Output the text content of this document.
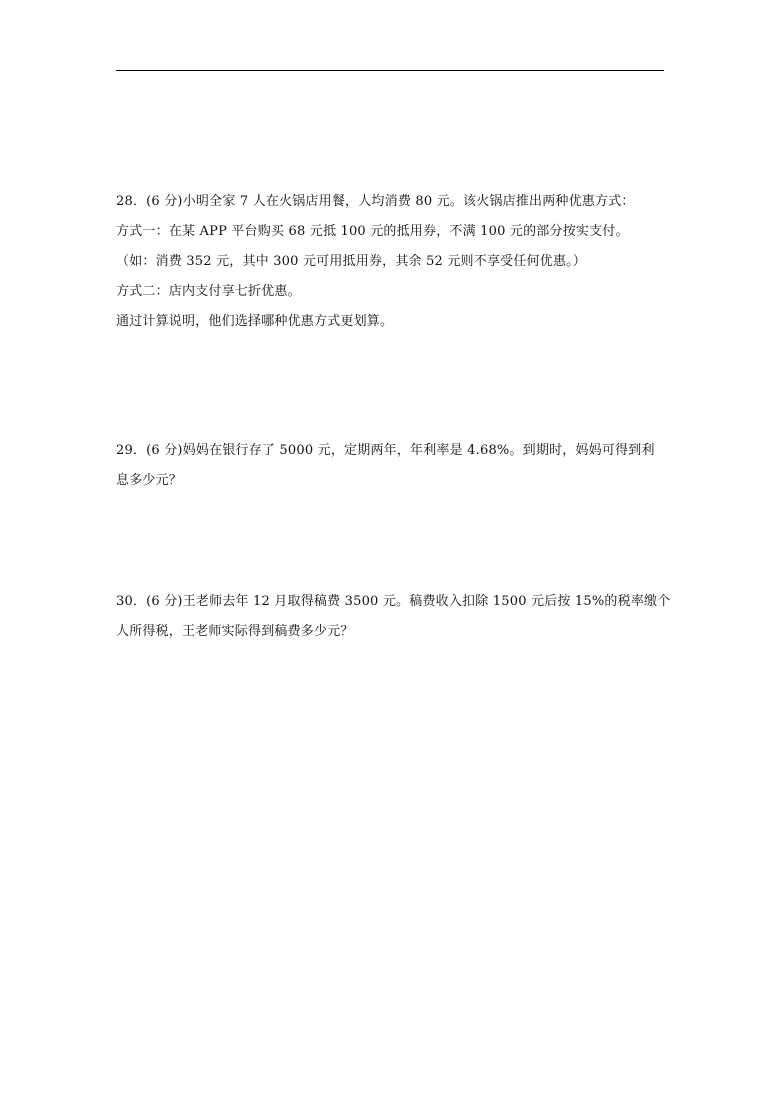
28．(6 分)小明全家 7 人在火锅店用餐，人均消费 80 元。该火锅店推出两种优惠方式：
方式一：在某 APP 平台购买 68 元抵 100 元的抵用券，不满 100 元的部分按实支付。
（如：消费 352 元，其中 300 元可用抵用券，其余 52 元则不享受任何优惠。）
方式二：店内支付享七折优惠。
通过计算说明，他们选择哪种优惠方式更划算。
29．(6 分)妈妈在银行存了 5000 元，定期两年，年利率是 4.68%。到期时，妈妈可得到利
息多少元？
30．(6 分)王老师去年 12 月取得稿费 3500 元。稿费收入扣除 1500 元后按 15%的税率缴个
人所得税，王老师实际得到稿费多少元？
